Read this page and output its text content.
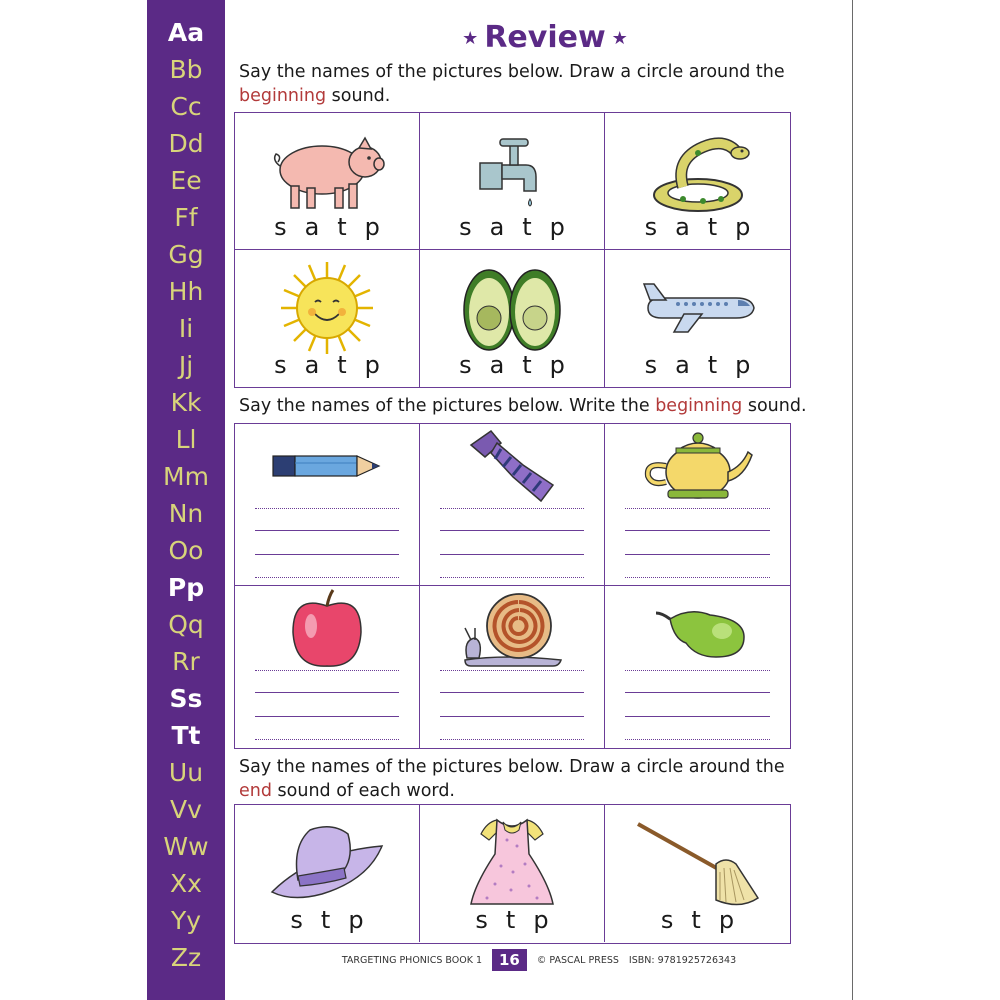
Aa
Bb
Cc
Dd
Ee
Ff
Gg
Hh
Ii
Jj
Kk
Ll
Mm
Nn
Oo
Pp
Qq
Rr
Ss
Tt
Uu
Vv
Ww
Xx
Yy
Zz
★ Review ★
Say the names of the pictures below. Draw a circle around the
beginning sound.
satp	satp	satp
satp	satp	satp
Say the names of the pictures below. Write the beginning sound.
Say the names of the pictures below. Draw a circle around the
end sound of each word.
stp	stp	stp
TARGETING PHONICS BOOK 1	16	© PASCAL PRESS ISBN: 9781925726343
